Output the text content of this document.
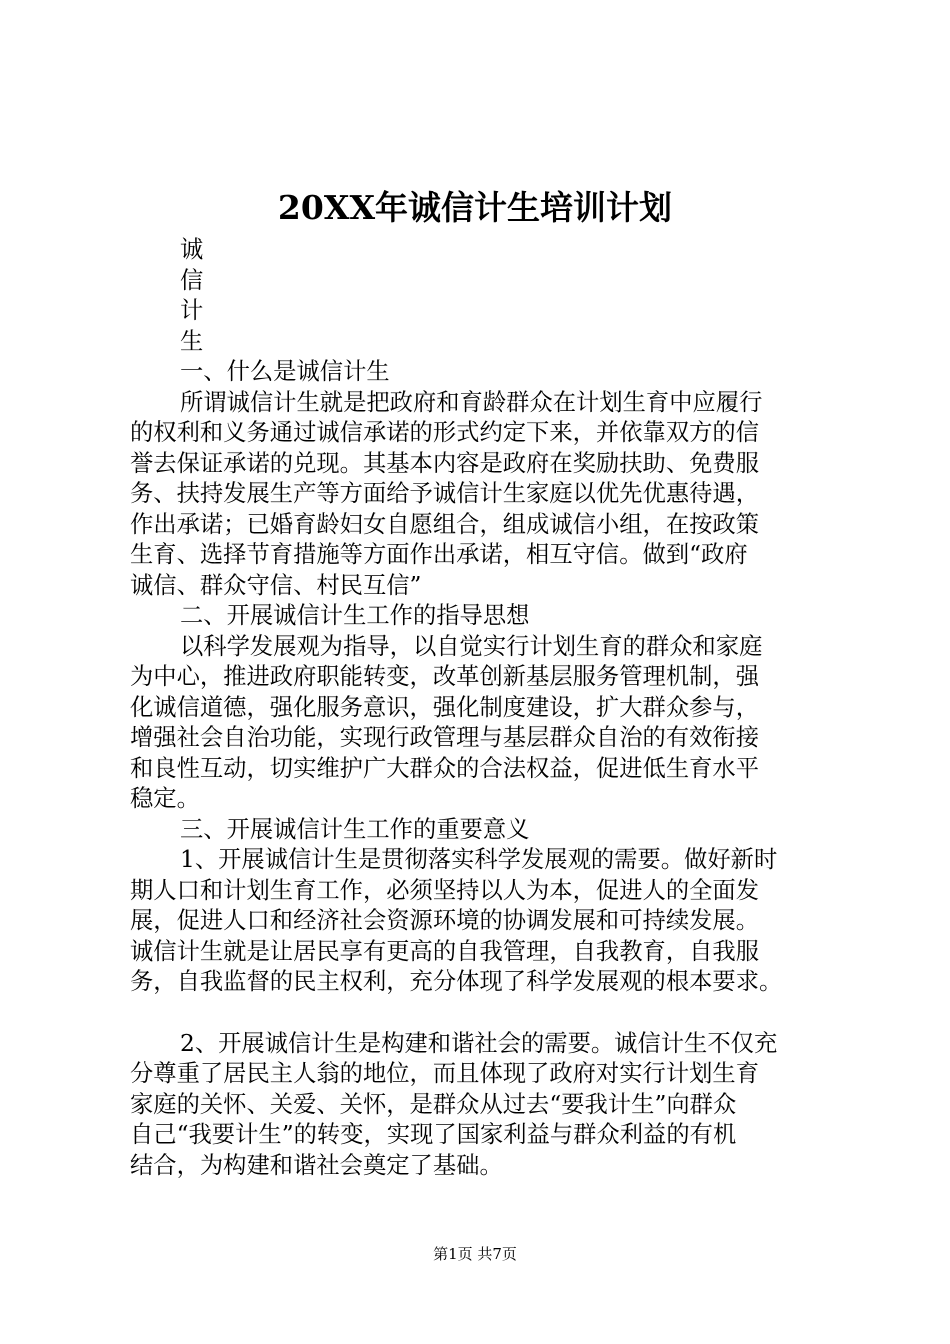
20XX年诚信计生培训计划
诚
信
计
生
一、什么是诚信计生
所谓诚信计生就是把政府和育龄群众在计划生育中应履行
的权利和义务通过诚信承诺的形式约定下来，并依靠双方的信
誉去保证承诺的兑现。其基本内容是政府在奖励扶助、免费服
务、扶持发展生产等方面给予诚信计生家庭以优先优惠待遇，
作出承诺；已婚育龄妇女自愿组合，组成诚信小组，在按政策
生育、选择节育措施等方面作出承诺，相互守信。做到“政府
诚信、群众守信、村民互信”
二、开展诚信计生工作的指导思想
以科学发展观为指导，以自觉实行计划生育的群众和家庭
为中心，推进政府职能转变，改革创新基层服务管理机制，强
化诚信道德，强化服务意识，强化制度建设，扩大群众参与，
增强社会自治功能，实现行政管理与基层群众自治的有效衔接
和良性互动，切实维护广大群众的合法权益，促进低生育水平
稳定。
三、开展诚信计生工作的重要意义
1、开展诚信计生是贯彻落实科学发展观的需要。做好新时
期人口和计划生育工作，必须坚持以人为本，促进人的全面发
展，促进人口和经济社会资源环境的协调发展和可持续发展。
诚信计生就是让居民享有更高的自我管理，自我教育，自我服
务，自我监督的民主权利，充分体现了科学发展观的根本要求。
2、开展诚信计生是构建和谐社会的需要。诚信计生不仅充
分尊重了居民主人翁的地位，而且体现了政府对实行计划生育
家庭的关怀、关爱、关怀，是群众从过去“要我计生”向群众
自己“我要计生”的转变，实现了国家利益与群众利益的有机
结合，为构建和谐社会奠定了基础。
第1页 共7页
